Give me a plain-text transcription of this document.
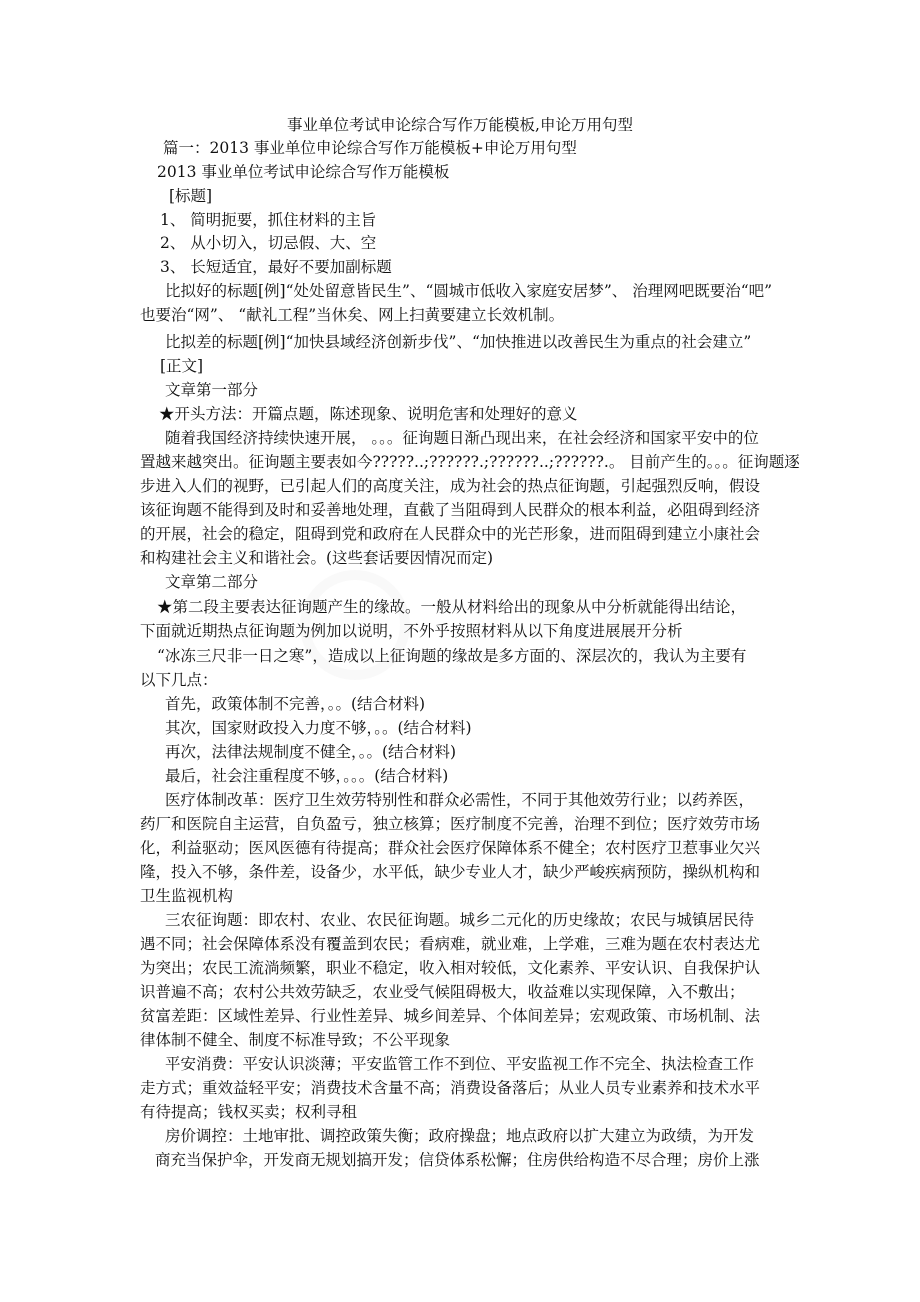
事业单位考试申论综合写作万能模板,申论万用句型
篇一：2013 事业单位申论综合写作万能模板+申论万用句型
2013 事业单位考试申论综合写作万能模板
[标题]
1、 简明扼要，抓住材料的主旨
2、 从小切入，切忌假、大、空
3、 长短适宜，最好不要加副标题
比拟好的标题[例]“处处留意皆民生”、“圆城市低收入家庭安居梦”、 治理网吧既要治“吧”
也要治“网”、 “献礼工程”当休矣、网上扫黄要建立长效机制。
比拟差的标题[例]“加快县域经济创新步伐”、“加快推进以改善民生为重点的社会建立”
[正文]
文章第一部分
★开头方法：开篇点题，陈述现象、说明危害和处理好的意义
随着我国经济持续快速开展， 。。。征询题日渐凸现出来，在社会经济和国家平安中的位
置越来越突出。征询题主要表如今?????..;??????.;??????..;??????.。 目前产生的。。。征询题逐
步进入人们的视野，已引起人们的高度关注，成为社会的热点征询题，引起强烈反响，假设
该征询题不能得到及时和妥善地处理，直截了当阻碍到人民群众的根本利益，必阻碍到经济
的开展，社会的稳定，阻碍到党和政府在人民群众中的光芒形象，进而阻碍到建立小康社会
和构建社会主义和谐社会。(这些套话要因情况而定)
文章第二部分
★第二段主要表达征询题产生的缘故。一般从材料给出的现象从中分析就能得出结论，
下面就近期热点征询题为例加以说明，不外乎按照材料从以下角度进展展开分析
“冰冻三尺非一日之寒”，造成以上征询题的缘故是多方面的、深层次的，我认为主要有
以下几点：
首先，政策体制不完善，。。(结合材料)
其次，国家财政投入力度不够，。。(结合材料)
再次，法律法规制度不健全，。。(结合材料)
最后，社会注重程度不够，。。。(结合材料)
医疗体制改革：医疗卫生效劳特别性和群众必需性，不同于其他效劳行业；以药养医，
药厂和医院自主运营，自负盈亏，独立核算；医疗制度不完善，治理不到位；医疗效劳市场
化，利益驱动；医风医德有待提高；群众社会医疗保障体系不健全；农村医疗卫惹事业欠兴
隆，投入不够，条件差，设备少，水平低，缺少专业人才，缺少严峻疾病预防，操纵机构和
卫生监视机构
三农征询题：即农村、农业、农民征询题。城乡二元化的历史缘故；农民与城镇居民待
遇不同；社会保障体系没有覆盖到农民；看病难，就业难，上学难，三难为题在农村表达尤
为突出；农民工流淌频繁，职业不稳定，收入相对较低，文化素养、平安认识、自我保护认
识普遍不高；农村公共效劳缺乏，农业受气候阻碍极大，收益难以实现保障，入不敷出；
贫富差距：区域性差异、行业性差异、城乡间差异、个体间差异；宏观政策、市场机制、法
律体制不健全、制度不标准导致；不公平现象
平安消费：平安认识淡薄；平安监管工作不到位、平安监视工作不完全、执法检查工作
走方式；重效益轻平安；消费技术含量不高；消费设备落后；从业人员专业素养和技术水平
有待提高；钱权买卖；权利寻租
房价调控：土地审批、调控政策失衡；政府操盘；地点政府以扩大建立为政绩，为开发
商充当保护伞，开发商无规划搞开发；信贷体系松懈；住房供给构造不尽合理；房价上涨
